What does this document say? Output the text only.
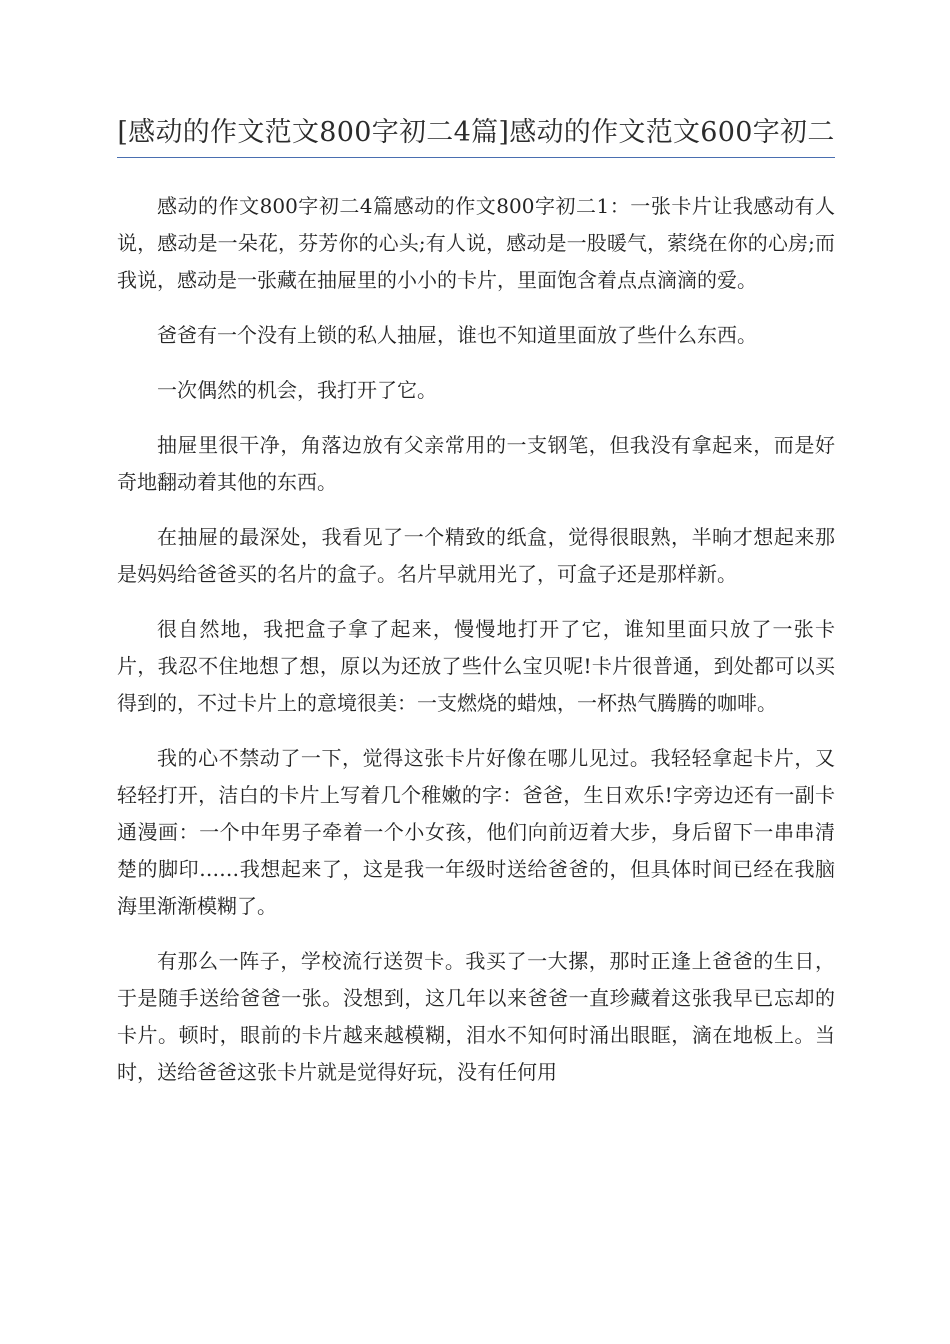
[感动的作文范文800字初二4篇]感动的作文范文600字初二

感动的作文800字初二4篇感动的作文800字初二1：一张卡片让我感动有人说，感动是一朵花，芬芳你的心头;有人说，感动是一股暖气，萦绕在你的心房;而我说，感动是一张藏在抽屉里的小小的卡片，里面饱含着点点滴滴的爱。

爸爸有一个没有上锁的私人抽屉，谁也不知道里面放了些什么东西。

一次偶然的机会，我打开了它。

抽屉里很干净，角落边放有父亲常用的一支钢笔，但我没有拿起来，而是好奇地翻动着其他的东西。

在抽屉的最深处，我看见了一个精致的纸盒，觉得很眼熟，半晌才想起来那是妈妈给爸爸买的名片的盒子。名片早就用光了，可盒子还是那样新。

很自然地，我把盒子拿了起来，慢慢地打开了它，谁知里面只放了一张卡片，我忍不住地想了想，原以为还放了些什么宝贝呢!卡片很普通，到处都可以买得到的，不过卡片上的意境很美：一支燃烧的蜡烛，一杯热气腾腾的咖啡。

我的心不禁动了一下，觉得这张卡片好像在哪儿见过。我轻轻拿起卡片，又轻轻打开，洁白的卡片上写着几个稚嫩的字：爸爸，生日欢乐!字旁边还有一副卡通漫画：一个中年男子牵着一个小女孩，他们向前迈着大步，身后留下一串串清楚的脚印……我想起来了，这是我一年级时送给爸爸的，但具体时间已经在我脑海里渐渐模糊了。

有那么一阵子，学校流行送贺卡。我买了一大摞，那时正逢上爸爸的生日，于是随手送给爸爸一张。没想到，这几年以来爸爸一直珍藏着这张我早已忘却的卡片。顿时，眼前的卡片越来越模糊，泪水不知何时涌出眼眶，滴在地板上。当时，送给爸爸这张卡片就是觉得好玩，没有任何用
